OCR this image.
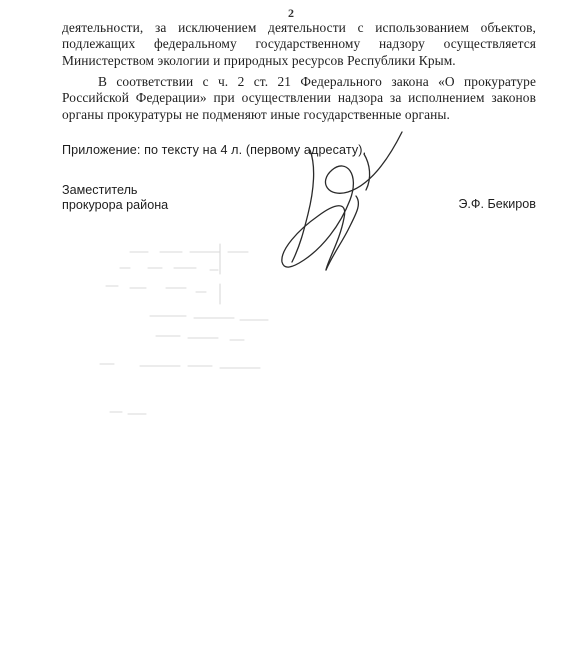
2

деятельности, за исключением деятельности с использованием объектов, подлежащих федеральному государственному надзору осуществляется Министерством экологии и природных ресурсов Республики Крым.

В соответствии с ч. 2 ст. 21 Федерального закона «О прокуратуре Российской Федерации» при осуществлении надзора за исполнением законов органы прокуратуры не подменяют иные государственные органы.

Приложение: по тексту на 4 л. (первому адресату).
Заместитель
прокурора района	Э.Ф. Бекиров
